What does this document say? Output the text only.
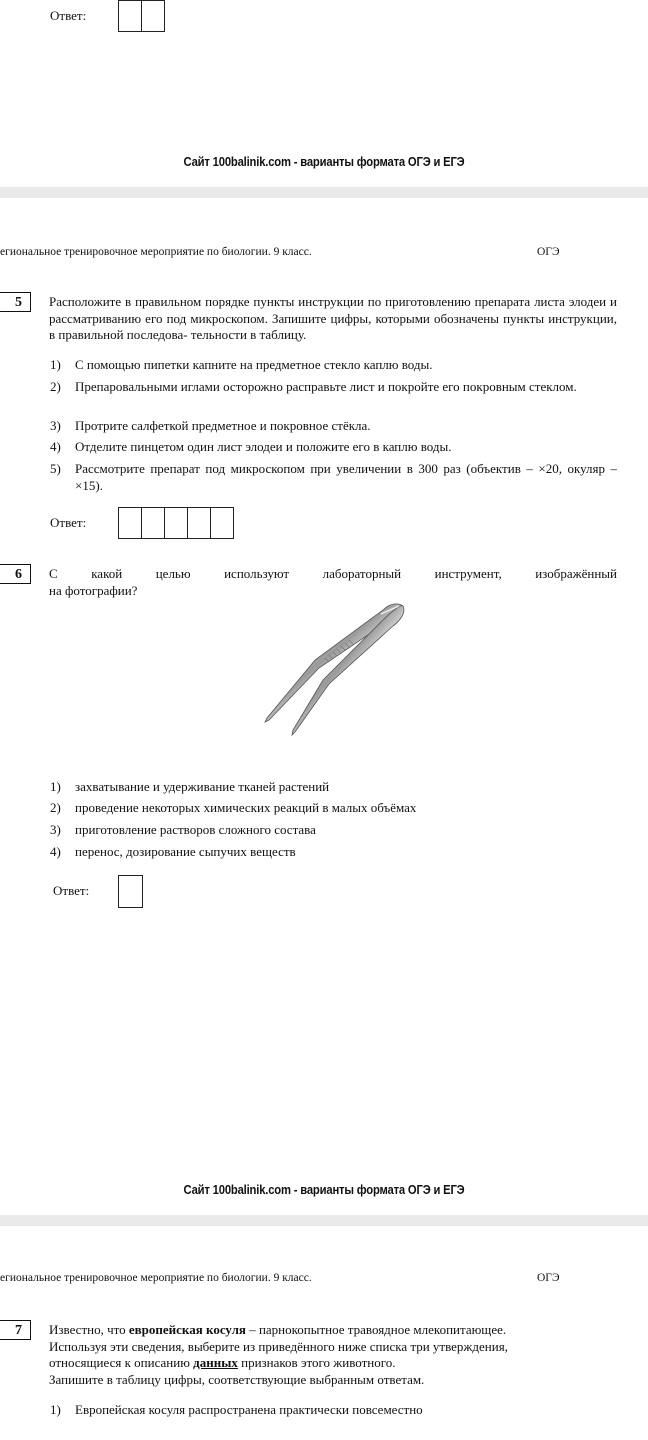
Ответ:
Сайт 100balinik.com - варианты формата ОГЭ и ЕГЭ
егиональное тренировочное мероприятие по биологии. 9 класс.	ОГЭ
5	Расположите в правильном порядке пункты инструкции по приготовлению препарата листа элодеи и рассматриванию его под микроскопом. Запишите цифры, которыми обозначены пункты инструкции, в правильной последова- тельности в таблицу.
1)	С помощью пипетки капните на предметное стекло каплю воды.
2)	Препаровальными иглами осторожно расправьте лист и покройте его покровным стеклом.
3)	Протрите салфеткой предметное и покровное стёкла.
4)	Отделите пинцетом один лист элодеи и положите его в каплю воды.
5)	Рассмотрите препарат под микроскопом при увеличении в 300 раз (объектив – ×20, окуляр – ×15).
Ответ:
6	С	какой	целью	используют	лабораторный	инструмент,	изображённый
на фотографии?
1)	захватывание и удерживание тканей растений
2)	проведение некоторых химических реакций в малых объёмах
3)	приготовление растворов сложного состава
4)	перенос, дозирование сыпучих веществ
Ответ:
Сайт 100balinik.com - варианты формата ОГЭ и ЕГЭ
егиональное тренировочное мероприятие по биологии. 9 класс.	ОГЭ
7	Известно, что европейская косуля – парнокопытное травоядное млекопитающее.
Используя эти сведения, выберите из приведённого ниже списка три утверждения,
относящиеся к описанию данных признаков этого животного.
Запишите в таблицу цифры, соответствующие выбранным ответам.
1)	Европейская косуля распространена практически повсеместно
